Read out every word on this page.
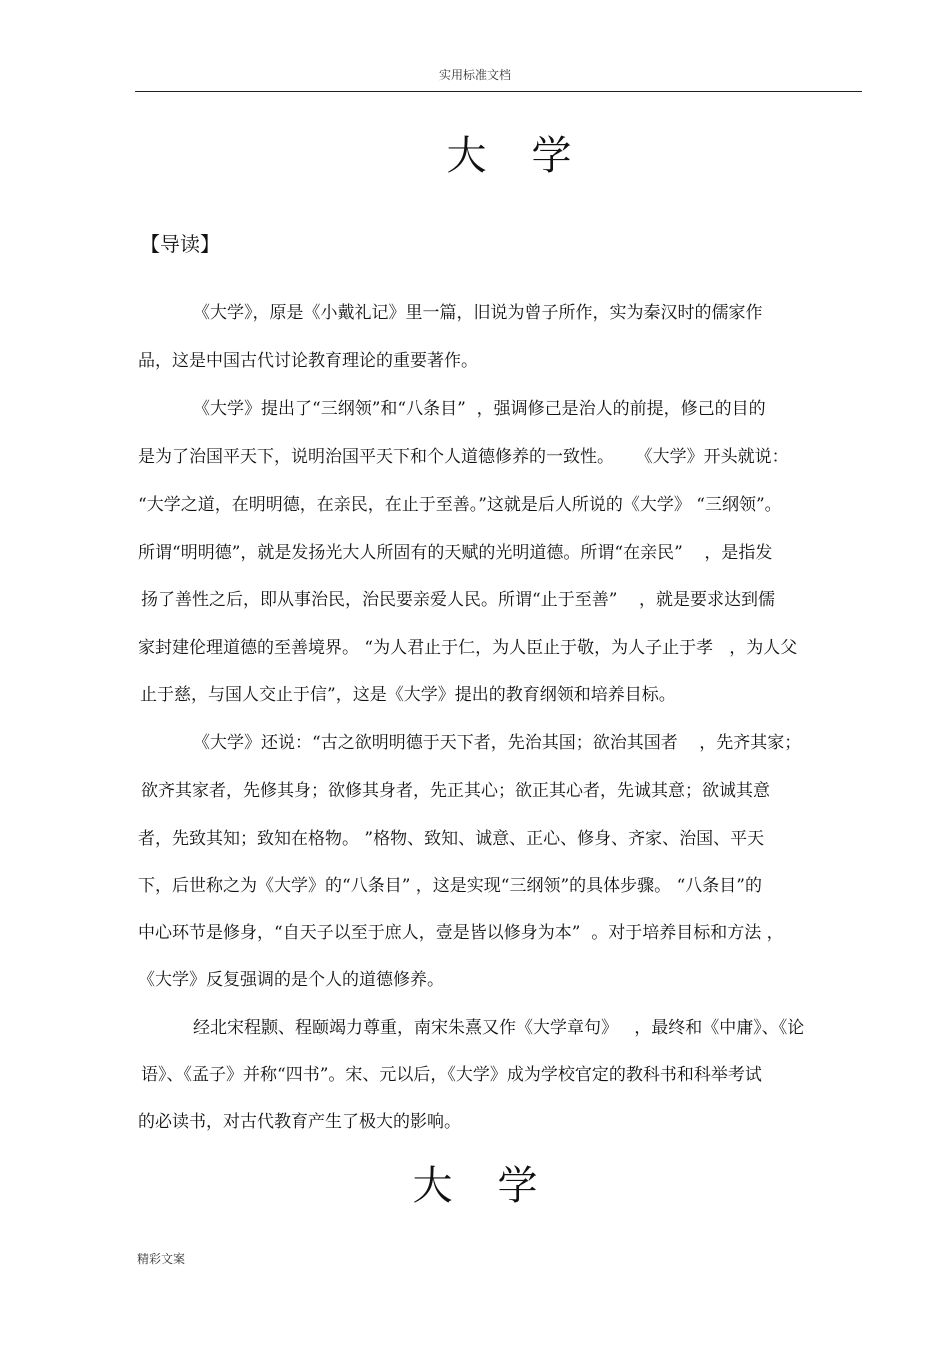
实用标准文档
大 学
【导读】
《大学》，原是《小戴礼记》里一篇，旧说为曾子所作，实为秦汉时的儒家作
品，这是中国古代讨论教育理论的重要著作。
《大学》提出了“三纲领”和“八条目”  ，强调修己是治人的前提，修己的目的
是为了治国平天下，说明治国平天下和个人道德修养的一致性。    《大学》开头就说：
“大学之道，在明明德，在亲民，在止于至善。”这就是后人所说的《大学》 “三纲领”。
所谓“明明德”，就是发扬光大人所固有的天赋的光明道德。所谓“在亲民”    ，是指发
扬了善性之后，即从事治民，治民要亲爱人民。所谓“止于至善”    ，就是要求达到儒
家封建伦理道德的至善境界。 “为人君止于仁，为人臣止于敬，为人子止于孝   ，为人父
止于慈，与国人交止于信”，这是《大学》提出的教育纲领和培养目标。
《大学》还说：“古之欲明明德于天下者，先治其国；欲治其国者    ，先齐其家；
欲齐其家者，先修其身；欲修其身者，先正其心；欲正其心者，先诚其意；欲诚其意
者，先致其知；致知在格物。 ”格物、致知、诚意、正心、修身、齐家、治国、平天
下，后世称之为《大学》的“八条目” ，这是实现“三纲领”的具体步骤。 “八条目”的
中心环节是修身，“自天子以至于庶人，壹是皆以修身为本”  。对于培养目标和方法 ，
《大学》反复强调的是个人的道德修养。
经北宋程颢、程颐竭力尊重，南宋朱熹又作《大学章句》   ，最终和《中庸》、《论
语》、《孟子》并称“四书”。宋、元以后，《大学》成为学校官定的教科书和科举考试
的必读书，对古代教育产生了极大的影响。
大 学
精彩文案
